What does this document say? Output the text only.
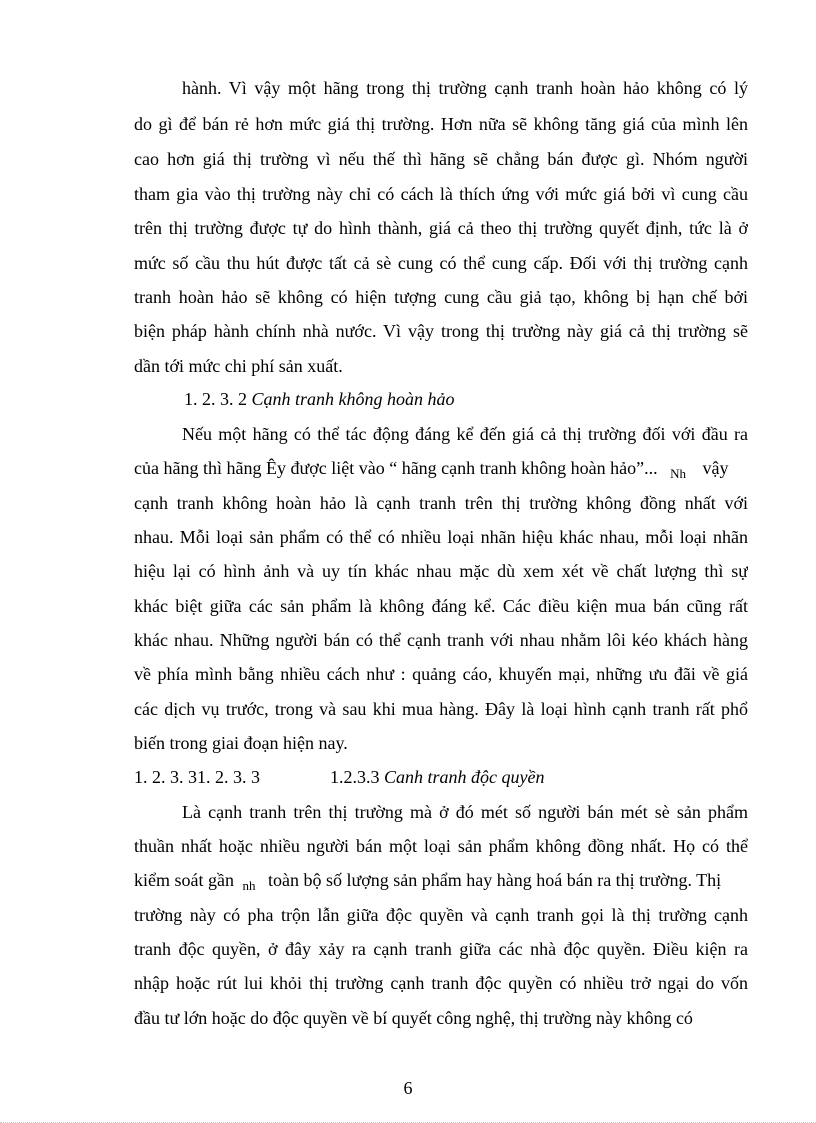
hành. Vì vậy một hãng trong thị trường cạnh tranh hoàn hảo không có lý
do gì để bán rẻ hơn mức giá thị trường. Hơn nữa sẽ không tăng giá của mình lên
cao hơn giá thị trường vì nếu thế thì hãng sẽ chẳng bán được gì. Nhóm người
tham gia vào thị trường này chỉ có cách là thích ứng với mức giá bởi vì cung cầu
trên thị trường được tự do hình thành, giá cả theo thị trường quyết định, tức là ở
mức số cầu thu hút được tất cả sè cung có thể cung cấp. Đối với thị trường cạnh
tranh hoàn hảo sẽ không có hiện tượng cung cầu giả tạo, không bị hạn chế bởi
biện pháp hành chính nhà nước. Vì vậy trong thị trường này giá cả thị trường sẽ
dần tới mức chi phí sản xuất.
1. 2. 3. 2 Cạnh tranh không hoàn hảo
Nếu một hãng có thể tác động đáng kể đến giá cả thị trường đối với đầu ra
của hãng thì hãng Êy được liệt vào “ hãng cạnh tranh không hoàn hảo”... $_{Nh}$ vậy
cạnh tranh không hoàn hảo là cạnh tranh trên thị trường không đồng nhất với
nhau. Mỗi loại sản phẩm có thể có nhiều loại nhãn hiệu khác nhau, mỗi loại nhãn
hiệu lại có hình ảnh và uy tín khác nhau mặc dù xem xét về chất lượng thì sự
khác biệt giữa các sản phẩm là không đáng kể. Các điều kiện mua bán cũng rất
khác nhau. Những người bán có thể cạnh tranh với nhau nhằm lôi kéo khách hàng
về phía mình bằng nhiều cách như : quảng cáo, khuyến mại, những ưu đãi về giá
các dịch vụ trước, trong và sau khi mua hàng. Đây là loại hình cạnh tranh rất phổ
biến trong giai đoạn hiện nay.
1. 2. 3. 31. 2. 3. 3	1.2.3.3 Canh tranh độc quyền
Là cạnh tranh trên thị trường mà ở đó mét số người bán mét sè sản phẩm
thuần nhất hoặc nhiều người bán một loại sản phẩm không đồng nhất. Họ có thể
kiểm soát gần $_{nh}$ toàn bộ số lượng sản phẩm hay hàng hoá bán ra thị trường. Thị
trường này có pha trộn lẫn giữa độc quyền và cạnh tranh gọi là thị trường cạnh
tranh độc quyền, ở đây xảy ra cạnh tranh giữa các nhà độc quyền. Điều kiện ra
nhập hoặc rút lui khỏi thị trường cạnh tranh độc quyền có nhiều trở ngại do vốn
đầu tư lớn hoặc do độc quyền về bí quyết công nghệ, thị trường này không có
6
